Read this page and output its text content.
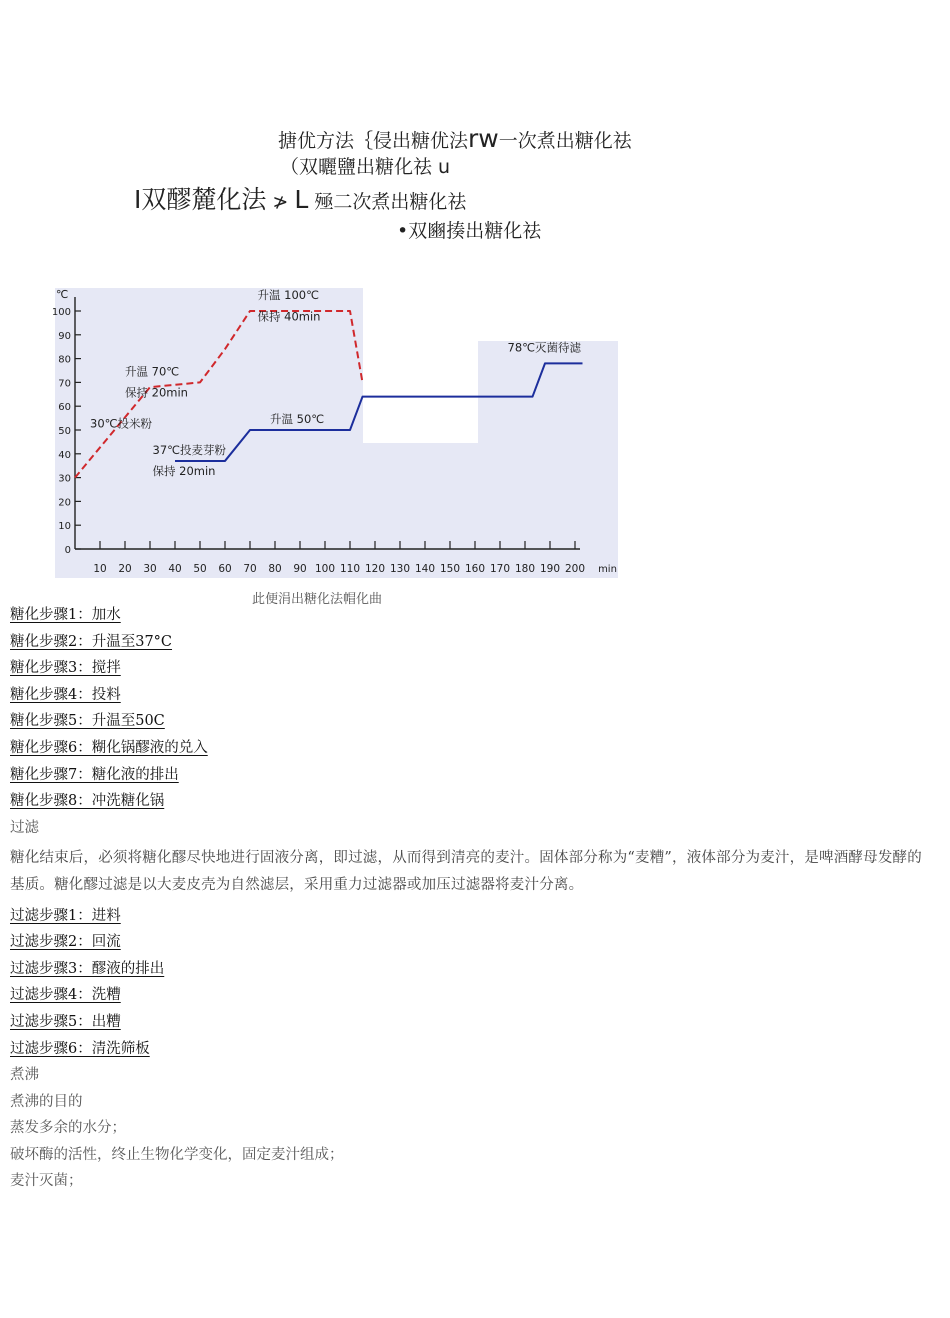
搪优方法｛侵出糖优法rw一次煮出糖化祛
（双曬鹽出糖化祛 u
Ⅰ双醪麓化法 ≯ L 殛二次煮出糖化祛
•双豳揍出糖化祛
℃
0
10
20
30
40
50
60
70
80
90
100
10 20 30 40 50 60 70 80 90 100 110 120 130 140 150 160 170 180 190 200 min
升温 100℃
保持 40min
升温 70℃
保持 20min
30℃投米粉	升温 50℃
37℃投麦芽粉
保持 20min
78℃灭菌待滤
此便涓出糖化法帽化曲
糖化步骤1：加水
糖化步骤2：升温至37°C
糖化步骤3：搅拌
糖化步骤4：投料
糖化步骤5：升温至50C
糖化步骤6：糊化锅醪液的兑入
糖化步骤7：糖化液的排出
糖化步骤8：冲洗糖化锅
过滤
糖化结束后，必须将糖化醪尽快地进行固液分离，即过滤，从而得到清亮的麦汁。固体部分称为“麦糟”，液体部分为麦汁，是啤酒酵母发酵的基质。糖化醪过滤是以大麦皮壳为自然滤层，采用重力过滤器或加压过滤器将麦汁分离。
过滤步骤1：进料
过滤步骤2：回流
过滤步骤3：醪液的排出
过滤步骤4：洗糟
过滤步骤5：出糟
过滤步骤6：清洗筛板
煮沸
煮沸的目的
蒸发多余的水分；
破坏酶的活性，终止生物化学变化，固定麦汁组成；
麦汁灭菌；
